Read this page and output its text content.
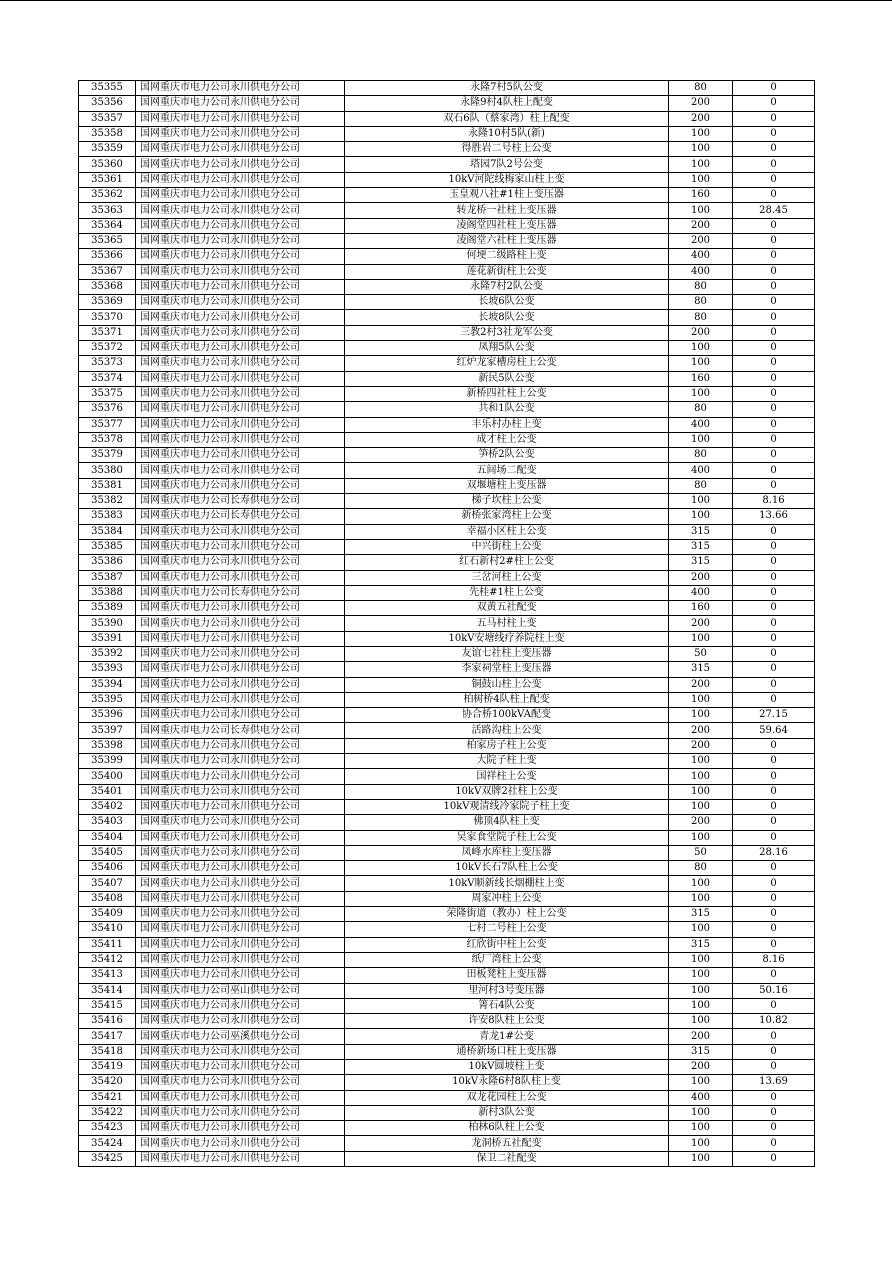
35355	国网重庆市电力公司永川供电分公司	永隆7村5队公变	80	0
35356	国网重庆市电力公司永川供电分公司	永隆9村4队柱上配变	200	0
35357	国网重庆市电力公司永川供电分公司	双石6队（蔡家湾）柱上配变	200	0
35358	国网重庆市电力公司永川供电分公司	永隆10村5队(新)	100	0
35359	国网重庆市电力公司永川供电分公司	得胜岩二号柱上公变	100	0
35360	国网重庆市电力公司永川供电分公司	塔园7队2号公变	100	0
35361	国网重庆市电力公司永川供电分公司	10kV河陀线梅家山柱上变	100	0
35362	国网重庆市电力公司永川供电分公司	玉皇观八社#1柱上变压器	160	0
35363	国网重庆市电力公司永川供电分公司	转龙桥一社柱上变压器	100	28.45
35364	国网重庆市电力公司永川供电分公司	凌阁堂四社柱上变压器	200	0
35365	国网重庆市电力公司永川供电分公司	凌阁堂六社柱上变压器	200	0
35366	国网重庆市电力公司永川供电分公司	何埂二级路柱上变	400	0
35367	国网重庆市电力公司永川供电分公司	莲花新街柱上公变	400	0
35368	国网重庆市电力公司永川供电分公司	永隆7村2队公变	80	0
35369	国网重庆市电力公司永川供电分公司	长坡6队公变	80	0
35370	国网重庆市电力公司永川供电分公司	长坡8队公变	80	0
35371	国网重庆市电力公司永川供电分公司	三教2村3社龙军公变	200	0
35372	国网重庆市电力公司永川供电分公司	凤翔5队公变	100	0
35373	国网重庆市电力公司永川供电分公司	红炉龙家槽房柱上公变	100	0
35374	国网重庆市电力公司永川供电分公司	新民5队公变	160	0
35375	国网重庆市电力公司永川供电分公司	新桥四社柱上公变	100	0
35376	国网重庆市电力公司永川供电分公司	共和1队公变	80	0
35377	国网重庆市电力公司永川供电分公司	丰乐村办柱上变	400	0
35378	国网重庆市电力公司永川供电分公司	成才柱上公变	100	0
35379	国网重庆市电力公司永川供电分公司	笋桥2队公变	80	0
35380	国网重庆市电力公司永川供电分公司	五间场二配变	400	0
35381	国网重庆市电力公司永川供电分公司	双堰塘柱上变压器	80	0
35382	国网重庆市电力公司长寿供电分公司	梯子坎柱上公变	100	8.16
35383	国网重庆市电力公司长寿供电分公司	新桥张家湾柱上公变	100	13.66
35384	国网重庆市电力公司永川供电分公司	幸福小区柱上公变	315	0
35385	国网重庆市电力公司永川供电分公司	中兴街柱上公变	315	0
35386	国网重庆市电力公司永川供电分公司	红石新村2#柱上公变	315	0
35387	国网重庆市电力公司永川供电分公司	三岔河柱上公变	200	0
35388	国网重庆市电力公司长寿供电分公司	先桂#1柱上公变	400	0
35389	国网重庆市电力公司永川供电分公司	双黄五社配变	160	0
35390	国网重庆市电力公司永川供电分公司	五马村柱上变	200	0
35391	国网重庆市电力公司永川供电分公司	10kV安塘线疗养院柱上变	100	0
35392	国网重庆市电力公司永川供电分公司	友谊七社柱上变压器	50	0
35393	国网重庆市电力公司永川供电分公司	李家祠堂柱上变压器	315	0
35394	国网重庆市电力公司永川供电分公司	铜鼓山柱上公变	200	0
35395	国网重庆市电力公司永川供电分公司	柏树桥4队柱上配变	100	0
35396	国网重庆市电力公司永川供电分公司	协合桥100kVA配变	100	27.15
35397	国网重庆市电力公司长寿供电分公司	活路沟柱上公变	200	59.64
35398	国网重庆市电力公司永川供电分公司	柏家房子柱上公变	200	0
35399	国网重庆市电力公司永川供电分公司	大院子柱上变	100	0
35400	国网重庆市电力公司永川供电分公司	国祥柱上公变	100	0
35401	国网重庆市电力公司永川供电分公司	10kV双牌2社柱上公变	100	0
35402	国网重庆市电力公司永川供电分公司	10kV观清线冷家院子柱上变	100	0
35403	国网重庆市电力公司永川供电分公司	佛顶4队柱上变	200	0
35404	国网重庆市电力公司永川供电分公司	吴家食堂院子柱上公变	100	0
35405	国网重庆市电力公司永川供电分公司	凤峰水库柱上变压器	50	28.16
35406	国网重庆市电力公司永川供电分公司	10kV长石7队柱上公变	80	0
35407	国网重庆市电力公司永川供电分公司	10kV顺新线长烟棚柱上变	100	0
35408	国网重庆市电力公司永川供电分公司	周家冲柱上公变	100	0
35409	国网重庆市电力公司永川供电分公司	荣隆街道（教办）柱上公变	315	0
35410	国网重庆市电力公司永川供电分公司	七村二号柱上公变	100	0
35411	国网重庆市电力公司永川供电分公司	红欣街中柱上公变	315	0
35412	国网重庆市电力公司永川供电分公司	纸厂湾柱上公变	100	8.16
35413	国网重庆市电力公司永川供电分公司	田板凳柱上变压器	100	0
35414	国网重庆市电力公司巫山供电分公司	里河村3号变压器	100	50.16
35415	国网重庆市电力公司永川供电分公司	箐石4队公变	100	0
35416	国网重庆市电力公司永川供电分公司	许安8队柱上公变	100	10.82
35417	国网重庆市电力公司巫溪供电分公司	青龙1#公变	200	0
35418	国网重庆市电力公司永川供电分公司	通桥新场口柱上变压器	315	0
35419	国网重庆市电力公司永川供电分公司	10kV圆坡柱上变	200	0
35420	国网重庆市电力公司永川供电分公司	10kV永隆6村8队柱上变	100	13.69
35421	国网重庆市电力公司永川供电分公司	双龙花园柱上公变	400	0
35422	国网重庆市电力公司永川供电分公司	新村3队公变	100	0
35423	国网重庆市电力公司永川供电分公司	柏林6队柱上公变	100	0
35424	国网重庆市电力公司永川供电分公司	龙洞桥五社配变	100	0
35425	国网重庆市电力公司永川供电分公司	保卫二社配变	100	0
